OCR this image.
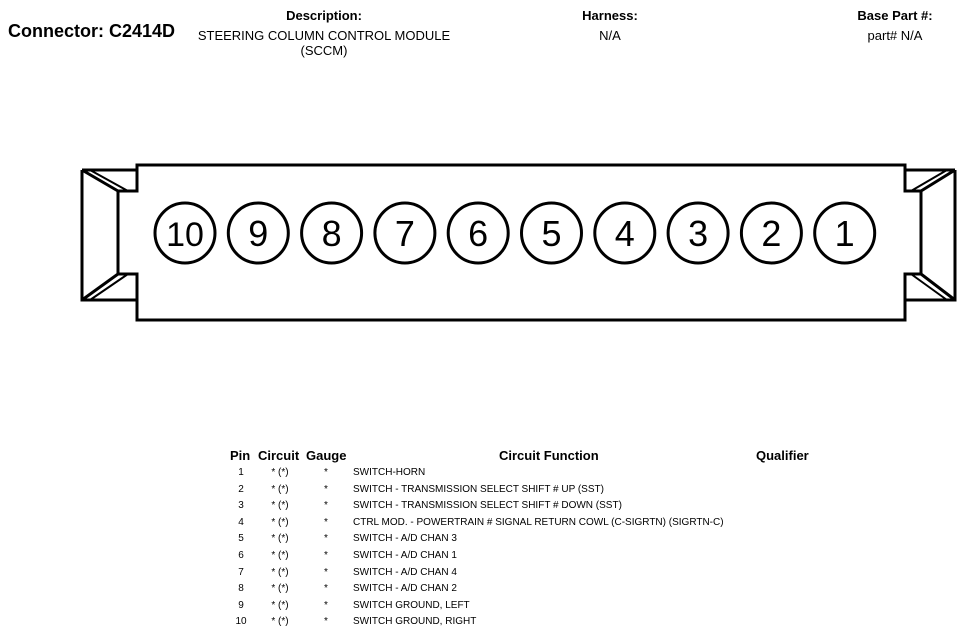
Connector: C2414D
Description:
STEERING COLUMN CONTROL MODULE (SCCM)
Harness:
N/A
Base Part #:
part# N/A
10 9 8 7 6 5 4 3 2 1
Pin Circuit Gauge	Circuit Function	Qualifier
1	* (*)	*	SWITCH-HORN
2	* (*)	*	SWITCH - TRANSMISSION SELECT SHIFT # UP (SST)
3	* (*)	*	SWITCH - TRANSMISSION SELECT SHIFT # DOWN (SST)
4	* (*)	*	CTRL MOD. - POWERTRAIN # SIGNAL RETURN COWL (C-SIGRTN) (SIGRTN-C)
5	* (*)	*	SWITCH - A/D CHAN 3
6	* (*)	*	SWITCH - A/D CHAN 1
7	* (*)	*	SWITCH - A/D CHAN 4
8	* (*)	*	SWITCH - A/D CHAN 2
9	* (*)	*	SWITCH GROUND, LEFT
10	* (*)	*	SWITCH GROUND, RIGHT
